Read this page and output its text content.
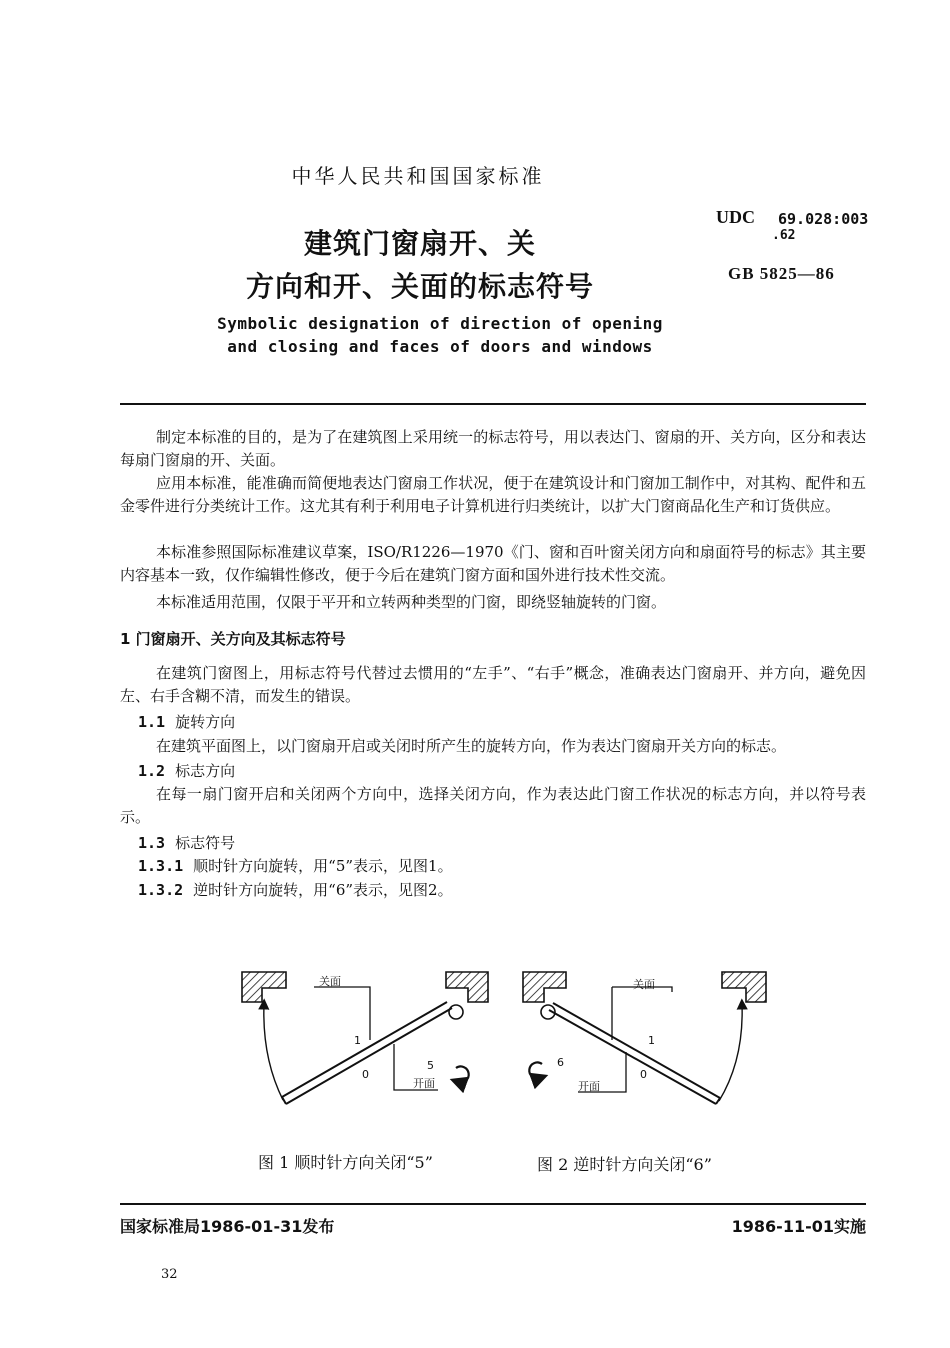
中华人民共和国国家标准
建筑门窗扇开、关
方向和开、关面的标志符号
Symbolic designation of direction of opening
and closing and faces of doors and windows
UDC 69.028:003
.62
GB 5825—86

制定本标准的目的，是为了在建筑图上采用统一的标志符号，用以表达门、窗扇的开、关方向，区分和表达每扇门窗扇的开、关面。

应用本标准，能准确而简便地表达门窗扇工作状况，便于在建筑设计和门窗加工制作中，对其构、配件和五金零件进行分类统计工作。这尤其有利于利用电子计算机进行归类统计，以扩大门窗商品化生产和订货供应。

本标准参照国际标准建议草案，ISO/R1226—1970《门、窗和百叶窗关闭方向和扇面符号的标志》其主要内容基本一致，仅作编辑性修改，便于今后在建筑门窗方面和国外进行技术性交流。

本标准适用范围，仅限于平开和立转两种类型的门窗，即绕竖轴旋转的门窗。

1 门窗扇开、关方向及其标志符号

在建筑门窗图上，用标志符号代替过去惯用的“左手”、“右手”概念，准确表达门窗扇开、并方向，避免因左、右手含糊不清，而发生的错误。

1.1 旋转方向

在建筑平面图上，以门窗扇开启或关闭时所产生的旋转方向，作为表达门窗扇开关方向的标志。

1.2 标志方向

在每一扇门窗开启和关闭两个方向中，选择关闭方向，作为表达此门窗工作状况的标志方向，并以符号表示。

1.3 标志符号
1.3.1 顺时针方向旋转，用“5”表示，见图1。
1.3.2 逆时针方向旋转，用“6”表示，见图2。
关面
1
0
5
开面
关面
1
0
6
开面
图 1 顺时针方向关闭“5”	图 2 逆时针方向关闭“6”
国家标准局1986-01-31发布	1986-11-01实施
32
